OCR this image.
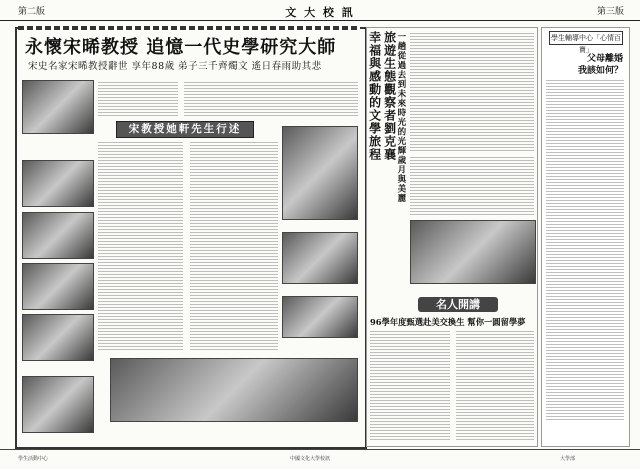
第二版	文 大 校 訊	第三版
永懷宋晞教授 追憶一代史學研究大師
宋史名家宋晞教授辭世 享年88歲 弟子三千齊燭文 遙日春雨助其悲
宋教授她軒先生行述	幸福與感動的文學旅程 旅遊生態觀察者劉克襄 一趟從過去到未來時光的光輝歲月與美麗
名人開講
96學年度甄選赴美交換生 幫你一圓留學夢
學生輔導中心「心情百寶」
父母離婚
我該如何？
學生活動中心	中國文化大學校訊	大學部
